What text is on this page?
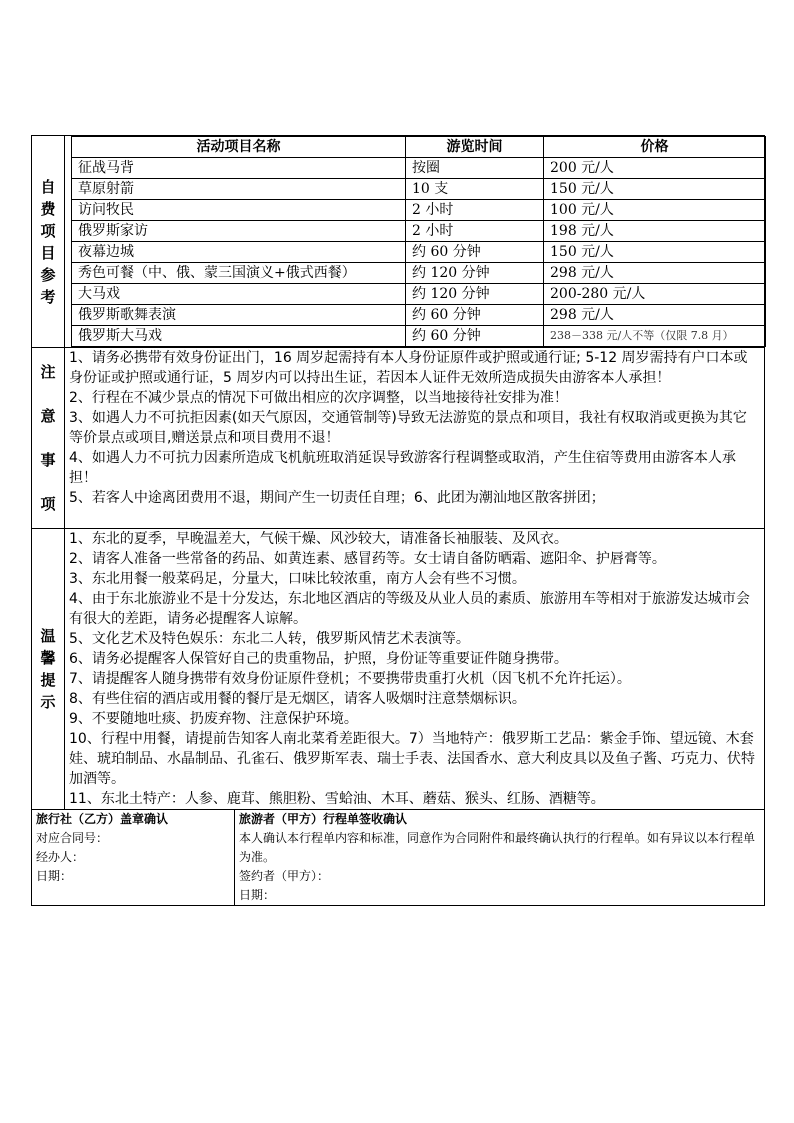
自
费
项
目
参
考

活动项目名称	游览时间	价格
征战马背	按圈	200 元/人
草原射箭	10 支	150 元/人
访问牧民	2 小时	100 元/人
俄罗斯家访	2 小时	198 元/人
夜幕边城	约 60 分钟	150 元/人
秀色可餐（中、俄、蒙三国演义+俄式西餐）	约 120 分钟	298 元/人
大马戏	约 120 分钟	200-280 元/人
俄罗斯歌舞表演	约 60 分钟	298 元/人
俄罗斯大马戏	约 60 分钟	238－338 元/人不等（仅限 7.8 月）

注
意
事
项

1、请务必携带有效身份证出门，16 周岁起需持有本人身份证原件或护照或通行证; 5-12 周岁需持有户口本或身份证或护照或通行证，5 周岁内可以持出生证，若因本人证件无效所造成损失由游客本人承担！
2、行程在不减少景点的情况下可做出相应的次序调整，以当地接待社安排为准！
3、如遇人力不可抗拒因素(如天气原因，交通管制等)导致无法游览的景点和项目，我社有权取消或更换为其它等价景点或项目,赠送景点和项目费用不退！
4、如遇人力不可抗力因素所造成飞机航班取消延误导致游客行程调整或取消，产生住宿等费用由游客本人承担！
5、若客人中途离团费用不退，期间产生一切责任自理；6、此团为潮汕地区散客拼团；

温
馨
提
示

1、东北的夏季，早晚温差大，气候干燥、风沙较大，请准备长袖服装、及风衣。
2、请客人准备一些常备的药品、如黄连素、感冒药等。女士请自备防晒霜、遮阳伞、护唇膏等。
3、东北用餐一般菜码足，分量大，口味比较浓重，南方人会有些不习惯。
4、由于东北旅游业不是十分发达，东北地区酒店的等级及从业人员的素质、旅游用车等相对于旅游发达城市会有很大的差距，请务必提醒客人谅解。
5、文化艺术及特色娱乐：东北二人转，俄罗斯风情艺术表演等。
6、请务必提醒客人保管好自己的贵重物品，护照，身份证等重要证件随身携带。
7、请提醒客人随身携带有效身份证原件登机；不要携带贵重打火机（因飞机不允许托运）。
8、有些住宿的酒店或用餐的餐厅是无烟区，请客人吸烟时注意禁烟标识。
9、不要随地吐痰、扔废弃物、注意保护环境。
10、行程中用餐，请提前告知客人南北菜肴差距很大。7）当地特产：俄罗斯工艺品：紫金手饰、望远镜、木套娃、琥珀制品、水晶制品、孔雀石、俄罗斯军表、瑞士手表、法国香水、意大利皮具以及鱼子酱、巧克力、伏特加酒等。
11、东北土特产：人参、鹿茸、熊胆粉、雪蛤油、木耳、蘑菇、猴头、红肠、酒糖等。
旅行社（乙方）盖章确认
对应合同号：
经办人：
日期：

旅游者（甲方）行程单签收确认
本人确认本行程单内容和标准，同意作为合同附件和最终确认执行的行程单。如有异议以本行程单为准。
签约者（甲方）：
日期：
